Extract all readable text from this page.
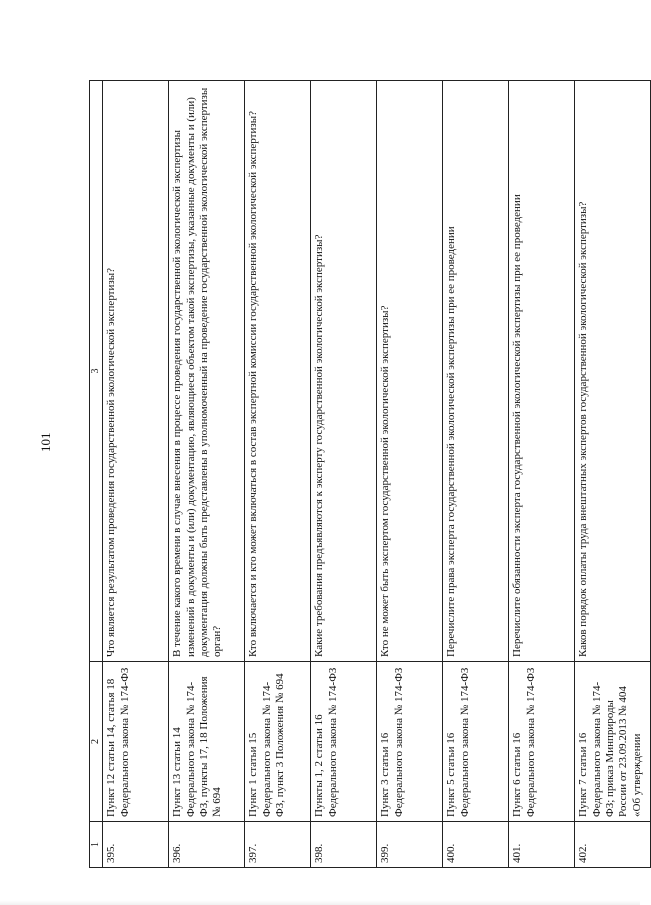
101
1	2	3
395.	Пункт 12 статьи 14, статья 18 Федерального закона № 174-ФЗ	Что является результатом проведения государственной экологической экспертизы?
396.	Пункт 13 статьи 14 Федерального закона № 174-ФЗ, пункты 17, 18 Положения № 694	В течение какого времени в случае внесения в процессе проведения государственной экологической экспертизы изменений в документы и (или) документацию, являющиеся объектом такой экспертизы, указанные документы и (или) документация должны быть представлены в уполномоченный на проведение государственной экологической экспертизы орган?
397.	Пункт 1 статьи 15 Федерального закона № 174-ФЗ, пункт 3 Положения № 694	Кто включается и кто может включаться в состав экспертной комиссии государственной экологической экспертизы?
398.	Пункты 1, 2 статьи 16 Федерального закона № 174-ФЗ	Какие требования предъявляются к эксперту государственной экологической экспертизы?
399.	Пункт 3 статьи 16 Федерального закона № 174-ФЗ	Кто не может быть экспертом государственной экологической экспертизы?
400.	Пункт 5 статьи 16 Федерального закона № 174-ФЗ	Перечислите права эксперта государственной экологической экспертизы при ее проведении
401.	Пункт 6 статьи 16 Федерального закона № 174-ФЗ	Перечислите обязанности эксперта государственной экологической экспертизы при ее проведении
402.	Пункт 7 статьи 16 Федерального закона № 174-ФЗ; приказ Минприроды России от 23.09.2013 № 404 «Об утверждении	Каков порядок оплаты труда внештатных экспертов государственной экологической экспертизы?
